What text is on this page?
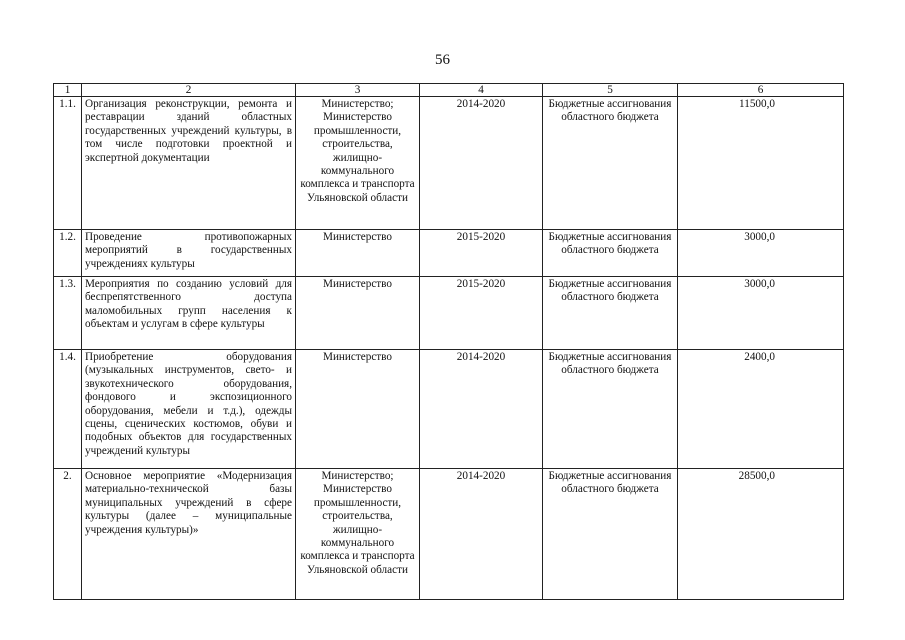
56
1	2	3	4	5	6
1.1.	Организация реконструкции, ремонта и реставрации зданий областных государственных учреждений культуры, в том числе подготовки проектной и экспертной документации	Министерство; Министерство промышленности, строительства, жилищно-коммунального комплекса и транспорта Ульяновской области	2014-2020	Бюджетные ассигнования областного бюджета	11500,0
1.2.	Проведение противопожарных мероприятий в государственных учреждениях культуры	Министерство	2015-2020	Бюджетные ассигнования областного бюджета	3000,0
1.3.	Мероприятия по созданию условий для беспрепятственного доступа маломобильных групп населения к объектам и услугам в сфере культуры	Министерство	2015-2020	Бюджетные ассигнования областного бюджета	3000,0
1.4.	Приобретение оборудования (музыкальных инструментов, свето- и звукотехнического оборудования, фондового и экспозиционного оборудования, мебели и т.д.), одежды сцены, сценических костюмов, обуви и подобных объектов для государственных учреждений культуры	Министерство	2014-2020	Бюджетные ассигнования областного бюджета	2400,0
2.	Основное мероприятие «Модернизация материально-технической базы муниципальных учреждений в сфере культуры (далее – муниципальные учреждения культуры)»	Министерство; Министерство промышленности, строительства, жилищно-коммунального комплекса и транспорта Ульяновской области	2014-2020	Бюджетные ассигнования областного бюджета	28500,0
